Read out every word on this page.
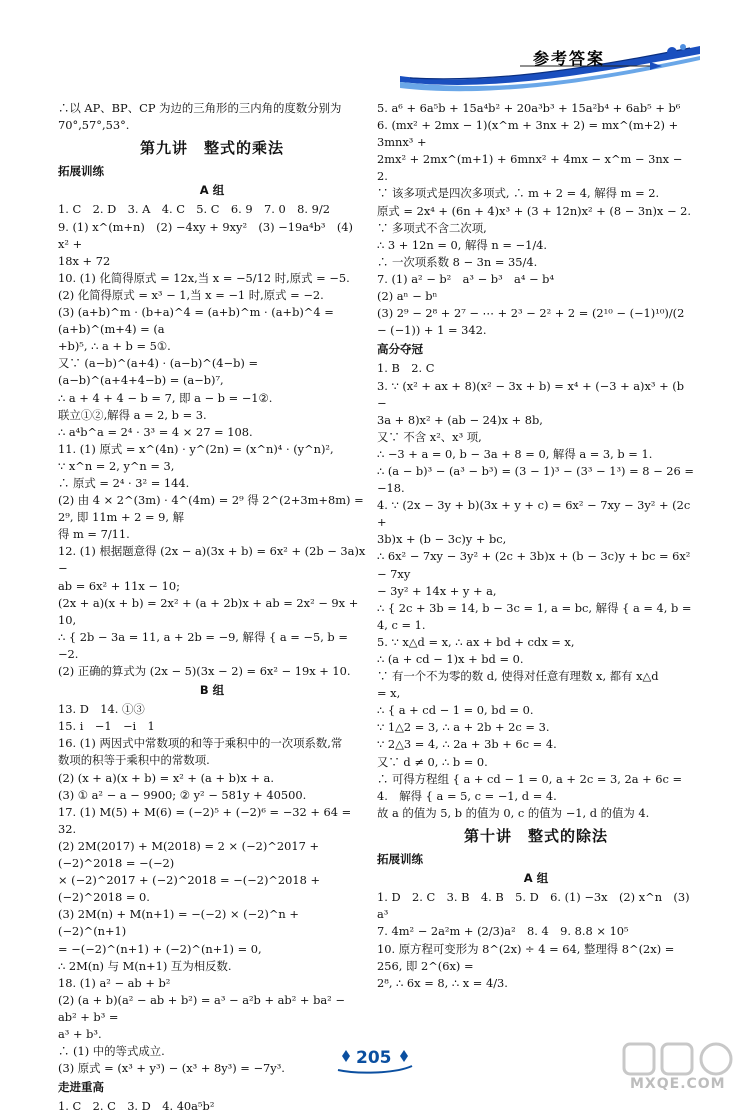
参考答案
∴以 AP、BP、CP 为边的三角形的三内角的度数分别为
70°,57°,53°.
第九讲　整式的乘法
拓展训练
A 组
1. C　2. D　3. A　4. C　5. C　6. 9　7. 0　8. 9/2
9. (1) x^(m+n)　(2) −4xy + 9xy²　(3) −19a⁴b³　(4) x² +
18x + 72
10. (1) 化简得原式 = 12x,当 x = −5/12 时,原式 = −5.
(2) 化简得原式 = x³ − 1,当 x = −1 时,原式 = −2.
(3) (a+b)^m · (b+a)^4 = (a+b)^m · (a+b)^4 = (a+b)^(m+4) = (a
+b)⁵, ∴ a + b = 5①.
又∵ (a−b)^(a+4) · (a−b)^(4−b) = (a−b)^(a+4+4−b) = (a−b)⁷,
∴ a + 4 + 4 − b = 7, 即 a − b = −1②.
联立①②,解得 a = 2, b = 3.
∴ a⁴b^a = 2⁴ · 3³ = 4 × 27 = 108.
11. (1) 原式 = x^(4n) · y^(2n) = (x^n)⁴ · (y^n)²,
∵ x^n = 2, y^n = 3,
∴ 原式 = 2⁴ · 3² = 144.
(2) 由 4 × 2^(3m) · 4^(4m) = 2⁹ 得 2^(2+3m+8m) = 2⁹, 即 11m + 2 = 9, 解
得 m = 7/11.
12. (1) 根据题意得 (2x − a)(3x + b) = 6x² + (2b − 3a)x −
ab = 6x² + 11x − 10;
(2x + a)(x + b) = 2x² + (a + 2b)x + ab = 2x² − 9x + 10,
∴ { 2b − 3a = 11, a + 2b = −9, 解得 { a = −5, b = −2.
(2) 正确的算式为 (2x − 5)(3x − 2) = 6x² − 19x + 10.
B 组
13. D　14. ①③
15. i　−1　−i　1
16. (1) 两因式中常数项的和等于乘积中的一次项系数,常
数项的积等于乘积中的常数项.
(2) (x + a)(x + b) = x² + (a + b)x + a.
(3) ① a² − a − 9900; ② y² − 581y + 40500.
17. (1) M(5) + M(6) = (−2)⁵ + (−2)⁶ = −32 + 64 = 32.
(2) 2M(2017) + M(2018) = 2 × (−2)^2017 + (−2)^2018 = −(−2)
× (−2)^2017 + (−2)^2018 = −(−2)^2018 + (−2)^2018 = 0.
(3) 2M(n) + M(n+1) = −(−2) × (−2)^n + (−2)^(n+1)
= −(−2)^(n+1) + (−2)^(n+1) = 0,
∴ 2M(n) 与 M(n+1) 互为相反数.
18. (1) a² − ab + b²
(2) (a + b)(a² − ab + b²) = a³ − a²b + ab² + ba² − ab² + b³ =
a³ + b³.
∴ (1) 中的等式成立.
(3) 原式 = (x³ + y³) − (x³ + 8y³) = −7y³.
走进重高
1. C　2. C　3. D　4. 40a⁵b²
5. a⁶ + 6a⁵b + 15a⁴b² + 20a³b³ + 15a²b⁴ + 6ab⁵ + b⁶
6. (mx² + 2mx − 1)(x^m + 3nx + 2) = mx^(m+2) + 3mnx³ +
2mx² + 2mx^(m+1) + 6mnx² + 4mx − x^m − 3nx − 2.
∵ 该多项式是四次多项式, ∴ m + 2 = 4, 解得 m = 2.
原式 = 2x⁴ + (6n + 4)x³ + (3 + 12n)x² + (8 − 3n)x − 2.
∵ 多项式不含二次项,
∴ 3 + 12n = 0, 解得 n = −1/4.
∴ 一次项系数 8 − 3n = 35/4.
7. (1) a² − b²　a³ − b³　a⁴ − b⁴
(2) aⁿ − bⁿ
(3) 2⁹ − 2⁸ + 2⁷ − ⋯ + 2³ − 2² + 2 = (2¹⁰ − (−1)¹⁰)/(2 − (−1)) + 1 = 342.
高分夺冠
1. B　2. C
3. ∵ (x² + ax + 8)(x² − 3x + b) = x⁴ + (−3 + a)x³ + (b −
3a + 8)x² + (ab − 24)x + 8b,
又∵ 不含 x²、x³ 项,
∴ −3 + a = 0, b − 3a + 8 = 0, 解得 a = 3, b = 1.
∴ (a − b)³ − (a³ − b³) = (3 − 1)³ − (3³ − 1³) = 8 − 26 =
−18.
4. ∵ (2x − 3y + b)(3x + y + c) = 6x² − 7xy − 3y² + (2c +
3b)x + (b − 3c)y + bc,
∴ 6x² − 7xy − 3y² + (2c + 3b)x + (b − 3c)y + bc = 6x² − 7xy
− 3y² + 14x + y + a,
∴ { 2c + 3b = 14, b − 3c = 1, a = bc, 解得 { a = 4, b = 4, c = 1.
5. ∵ x△d = x, ∴ ax + bd + cdx = x,
∴ (a + cd − 1)x + bd = 0.
∵ 有一个不为零的数 d, 使得对任意有理数 x, 都有 x△d
= x,
∴ { a + cd − 1 = 0, bd = 0.
∵ 1△2 = 3, ∴ a + 2b + 2c = 3.
∵ 2△3 = 4, ∴ 2a + 3b + 6c = 4.
又∵ d ≠ 0, ∴ b = 0.
∴ 可得方程组 { a + cd − 1 = 0, a + 2c = 3, 2a + 6c = 4.　解得 { a = 5, c = −1, d = 4.
故 a 的值为 5, b 的值为 0, c 的值为 −1, d 的值为 4.
第十讲　整式的除法
拓展训练
A 组
1. D　2. C　3. B　4. B　5. D　6. (1) −3x　(2) x^n　(3) a³
7. 4m² − 2a²m + (2/3)a²　8. 4　9. 8.8 × 10⁵
10. 原方程可变形为 8^(2x) ÷ 4 = 64, 整理得 8^(2x) = 256, 即 2^(6x) =
2⁸, ∴ 6x = 8, ∴ x = 4/3.
205
MXQE.COM
